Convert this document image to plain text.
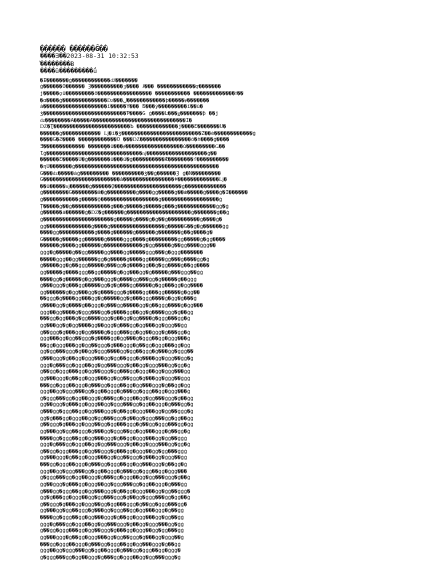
������ ������Ĝ��
����Ǝ��2023-08-31 10:32:53
ꙸ��������Ƀ
����ū���������ǘ
�Ɨ�������ǵ������������ǆ�������
ǵ������Ö������ Ȝ����������ȝ���� Ɉ��� ������������̧ơ�������
ǰ�����ǫǔ���������ӧ����������������� ����������� �������������ϯ��
�α����ǵ��������������ǲ���ڵ������������ϸ�����ɇ�������
ǡ��������������������ǐ�����Ÿ��� Ƃ���ý���������ĩ��ù�
ǯ��������������������������Ƥ����Ǵ ǵ����Ŀ���ǥ�������ƥ ��ĵ
ǳ��������Ǡ�����Ⱥ�����������������������������Ĩ�
Ǆ�Ʈ������������������������Ƅ ����������̂���ǰ����Ɛ�������Ǔ�
������ǵ������������ ǈ�ȉ�ǯ�������������������������Ż��ѐ������������ǵ
����Ǵ�Ƨ���� ����̬��������Ō ���Ǆ����������������ȍ�ǹ����ǵ����
Ǝ������������� �����̼��ǔ���ɇ������������������ǔ���������Ǥ��
Ɩǵ������������������������������ǌ�������������������ǵ��
������Ɛ�����Ǚ�ǵ�������ŭ���ǘ�ǵ����������Ǣ��������ſ����������
�ƞǓ�������ǵ���������������������������������������������
Ǵ���ǳ�����ǡǵ��������� ����������ǯ��ǵ������Ȝ ǵ�Ǹ���������
Ǵ������������������������ǎ����������������ǂ�������������ǈ�
��ǘ�����ǌ������ǵ������Ǫ���������������������ǵ�������������
ǵ��������Ǵ��������ǣ�ǵ���������ǵ����ǵǵ�����ǵ��ǽ�����ǵ����ǵ�Ǐ������
ǵ�����������ǵ�����ǭ������������������ǵ������������������ǵ
Ț�����ǵ��ǵ������������ǵ���ǵ�����ǵ�����ǵ���ǵ������������ǵǵ�ǵ
ǵ������ǡ������ǵ�Ǳ�ǵ������ǵ��������������������ǵ�������ǵ��ǵ
ǵ����������������������ǵ�����ǵ����ǵ�ǵ��ǵ����������ǵ����ǵ�
ǵǵ��������������ǵ����ǵ�����������������ǵ�����Ǵ��ǵ�ǵ������ǵǵ
����ǵǵ�����������ǵ����ǵ������ǵ������ǵ�������ǵ��ǵ����ǵ�
Ǵ�����ǵ�����ǵǵ������ǵ�����ǵǵǵ����ǵ���������ǵǵ�����ǵ�ǵǵ����
������ǵ����ǵǵ������ǵ������������ǵ�ǵǵ�����ǵ��ǵǵ����ǵǵǵ��
ǵǵǵ�ǵ�����ǵ��ǵǵ�����ǵǵ����ǵǵ�����ǵǵǵ���ǵ�ǵǵǵ�������
�����ǵǵǵ��ǵǵ������ǵǵ�ǵ�����ǵ����ǵǵ�����ǵǵ���ǵ����ǵǵ�ǵ
ǵ�����ǵǵ�ǵ��ǵǵǵ�����ǵ���ǵǵ�ǵ����ǵǵ��ǵ�ǵǵ����ǵ��ǵǵ����
ǵǵ�����ǵ����ǵǵǵ��ǵǵ�����ǵ�ǵǵ���ǵǵ�ǵ�����ǵ���ǵǵǵ��ǵǵ
����ǵǵ�ǵ�����ǵ�ǵǵ���ǵǵǵ�ǵ����ǵǵ���ǵǵ�ǵ�����ǵ��ǵǵǵ
ǵ���ǵǵǵ�ǵ���ǵǵ�����ǵǵ�ǵ�ǵ���ǵǵ�����ǵ�ǵǵ���ǵǵ�ǵǵ����
ǵǵ������ǵ�ǵǵ���ǵǵ�ǵ����ǵǵǵ�ǵ����ǵǵ���ǵǵ�����ǵ�ǵǵ��
��ǵǵǵ�ǵ����ǵǵ���ǵǵ�ǵ�����ǵǵ�ǵ���ǵǵǵ����ǵ�ǵǵ�ǵ���ǵ
ǵ����ǵǵ�ǵ����ǵ��ǵǵǵ�ǵ���ǵǵ�����ǵǵ�ǵ��ǵǵǵ����ǵ�ǵǵ���
ǵǵǵ��ǵǵ����ǵ�ǵǵǵ���ǵǵ�ǵ����ǵǵ��ǵǵ�ǵ����ǵǵǵ�ǵ��ǵǵ
���ǵǵ�ǵǵ���ǵ�ǵǵ����ǵǵǵ�ǵ��ǵǵ�ǵǵ����ǵ�ǵǵǵ���ǵǵ�ǵ
ǵǵ���ǵǵ�ǵ�ǵǵ����ǵǵ��ǵǵǵ�ǵ���ǵǵ�ǵǵ���ǵǵ�ǵǵǵ��ǵǵ
ǵ��ǵǵǵ�ǵ���ǵǵ�ǵǵ����ǵ�ǵǵǵ���ǵǵ�ǵǵ��ǵǵǵ�ǵ���ǵǵ�ǵ
ǵǵǵ���ǵǵ�ǵǵ��ǵǵǵ�ǵ����ǵǵ�ǵǵ���ǵ�ǵǵǵ��ǵǵ�ǵǵǵ���ǵ
��ǵǵ�ǵǵǵ���ǵǵ�ǵǵ��ǵǵǵ�ǵ���ǵǵǵ�ǵ��ǵǵ�ǵǵǵ���ǵǵ�ǵǵ
ǵǵ�ǵǵ���ǵǵǵ�ǵ��ǵǵ�ǵǵǵ����ǵǵ�ǵǵ��ǵǵǵ�ǵ���ǵǵ�ǵǵǵ��
ǵ���ǵǵǵ�ǵ��ǵǵ�ǵǵǵ���ǵǵ�ǵǵ��ǵǵǵ�ǵ����ǵǵ�ǵǵǵ��ǵǵ�ǵ
ǵǵǵ�ǵ���ǵǵ�ǵǵǵ��ǵǵ�ǵǵ���ǵǵǵ�ǵ��ǵǵ�ǵǵǵ���ǵǵ�ǵǵ�ǵ
ǵ��ǵǵ�ǵǵǵ���ǵǵ�ǵǵ��ǵǵǵ�ǵǵ���ǵǵ�ǵǵǵ��ǵǵ�ǵǵǵ���ǵǵ
ǵǵ���ǵǵǵ�ǵ��ǵǵ�ǵǵǵ���ǵǵ�ǵǵ��ǵǵǵ�ǵ���ǵǵ�ǵǵǵ��ǵǵǵ
���ǵǵ�ǵǵǵ��ǵǵǵ�ǵ���ǵǵ�ǵǵǵ��ǵǵ�ǵǵ���ǵǵǵ�ǵ��ǵǵ�ǵǵ
ǵǵǵ��ǵǵ�ǵǵǵ���ǵǵ�ǵǵ��ǵǵǵ�ǵ���ǵǵ�ǵǵǵ��ǵǵ�ǵǵǵ���ǵ
ǵ�ǵǵǵ���ǵǵ�ǵǵ��ǵǵǵ�ǵ���ǵǵ�ǵǵǵ��ǵǵ�ǵǵ���ǵǵǵ�ǵ��ǵǵ
ǵǵ��ǵǵǵ�ǵ���ǵǵ�ǵǵǵ��ǵǵ�ǵǵǵ���ǵǵ�ǵǵ��ǵǵǵ�ǵ���ǵǵ�ǵ
ǵ���ǵǵ�ǵǵǵ��ǵǵ�ǵǵ���ǵǵǵ�ǵ��ǵǵ�ǵǵǵ���ǵǵ�ǵǵ��ǵǵǵ�ǵ
ǵǵ�ǵ���ǵǵ�ǵǵǵ��ǵǵ�ǵǵ���ǵǵǵ�ǵ��ǵǵ�ǵǵǵ���ǵǵ�ǵǵ��ǵǵ
ǵ��ǵǵǵ�ǵ���ǵǵ�ǵǵǵ��ǵǵ�ǵǵ���ǵǵǵ�ǵ��ǵǵ�ǵǵǵ���ǵǵ�ǵǵ
ǵǵ���ǵǵ�ǵǵ��ǵǵǵ�ǵ���ǵǵ�ǵǵǵ��ǵǵ�ǵǵ���ǵǵǵ�ǵ��ǵǵ�ǵ
����ǵǵ�ǵǵǵ��ǵǵ�ǵǵ���ǵǵǵ�ǵ��ǵǵ�ǵǵǵ���ǵǵ�ǵǵ��ǵǵǵ
ǵǵǵ�ǵ���ǵǵ�ǵǵǵ��ǵǵ�ǵǵ���ǵǵǵ�ǵ��ǵǵ�ǵǵǵ���ǵǵ�ǵǵ�ǵ
ǵ��ǵǵ�ǵǵǵ���ǵǵ�ǵǵ��ǵǵǵ�ǵ���ǵǵ�ǵǵǵ��ǵǵ�ǵǵ���ǵǵǵ
ǵǵ���ǵǵǵ�ǵ��ǵǵ�ǵǵǵ���ǵǵ�ǵǵ��ǵǵǵ�ǵ���ǵǵ�ǵǵǵ��ǵǵ
���ǵǵ�ǵǵǵ��ǵǵǵ�ǵ���ǵǵ�ǵǵǵ��ǵǵ�ǵǵ���ǵǵǵ�ǵ��ǵǵ�ǵ
ǵǵǵ��ǵǵ�ǵǵǵ���ǵǵ�ǵǵ��ǵǵǵ�ǵ���ǵǵ�ǵǵǵ��ǵǵ�ǵǵǵ���
ǵ�ǵǵǵ���ǵǵ�ǵǵ��ǵǵǵ�ǵ���ǵǵ�ǵǵǵ��ǵǵ�ǵǵ���ǵǵǵ�ǵ��ǵ
ǵǵ��ǵǵǵ�ǵ���ǵǵ�ǵǵǵ��ǵǵ�ǵǵǵ���ǵǵ�ǵǵ��ǵǵǵ�ǵ���ǵǵ
ǵ���ǵǵ�ǵǵǵ��ǵǵ�ǵǵ���ǵǵǵ�ǵ��ǵǵ�ǵǵǵ���ǵǵ�ǵǵ��ǵǵǵ�
ǵǵ�ǵ���ǵǵ�ǵǵǵ��ǵǵ�ǵǵ���ǵǵǵ�ǵ��ǵǵ�ǵǵǵ���ǵǵ�ǵǵ��ǵ
ǵ��ǵǵǵ�ǵ���ǵǵ�ǵǵǵ��ǵǵ�ǵǵ���ǵǵǵ�ǵ��ǵǵ�ǵǵǵ���ǵǵ�
ǵǵ���ǵǵ�ǵǵ��ǵǵǵ�ǵ���ǵǵ�ǵǵǵ��ǵǵ�ǵǵ���ǵǵǵ�ǵ��ǵǵ
����ǵǵ�ǵǵǵ��ǵǵ�ǵǵ���ǵǵǵ�ǵ��ǵǵ�ǵǵǵ���ǵǵ�ǵǵ��ǵǵ
ǵǵǵ�ǵ���ǵǵ�ǵǵǵ��ǵǵ�ǵǵ���ǵǵǵ�ǵ��ǵǵ�ǵǵǵ���ǵǵ�ǵǵ
ǵ��ǵǵ�ǵǵǵ���ǵǵ�ǵǵ��ǵǵǵ�ǵ���ǵǵ�ǵǵǵ��ǵǵ�ǵǵ���ǵǵ
ǵǵ���ǵǵǵ�ǵ��ǵǵ�ǵǵǵ���ǵǵ�ǵǵ��ǵǵǵ�ǵ���ǵǵ�ǵǵǵ��ǵ
���ǵǵ�ǵǵǵ��ǵǵǵ�ǵ���ǵǵ�ǵǵǵ��ǵǵ�ǵǵ���ǵǵǵ�ǵ��ǵǵ
ǵǵǵ��ǵǵ�ǵǵǵ���ǵǵ�ǵǵ��ǵǵǵ�ǵ���ǵǵ�ǵǵǵ��ǵǵ�ǵǵǵ�
ǵ�ǵǵǵ���ǵǵ�ǵǵ��ǵǵǵ�ǵ���ǵǵ�ǵǵǵ��ǵǵ�ǵǵ���ǵǵǵ�ǵ
